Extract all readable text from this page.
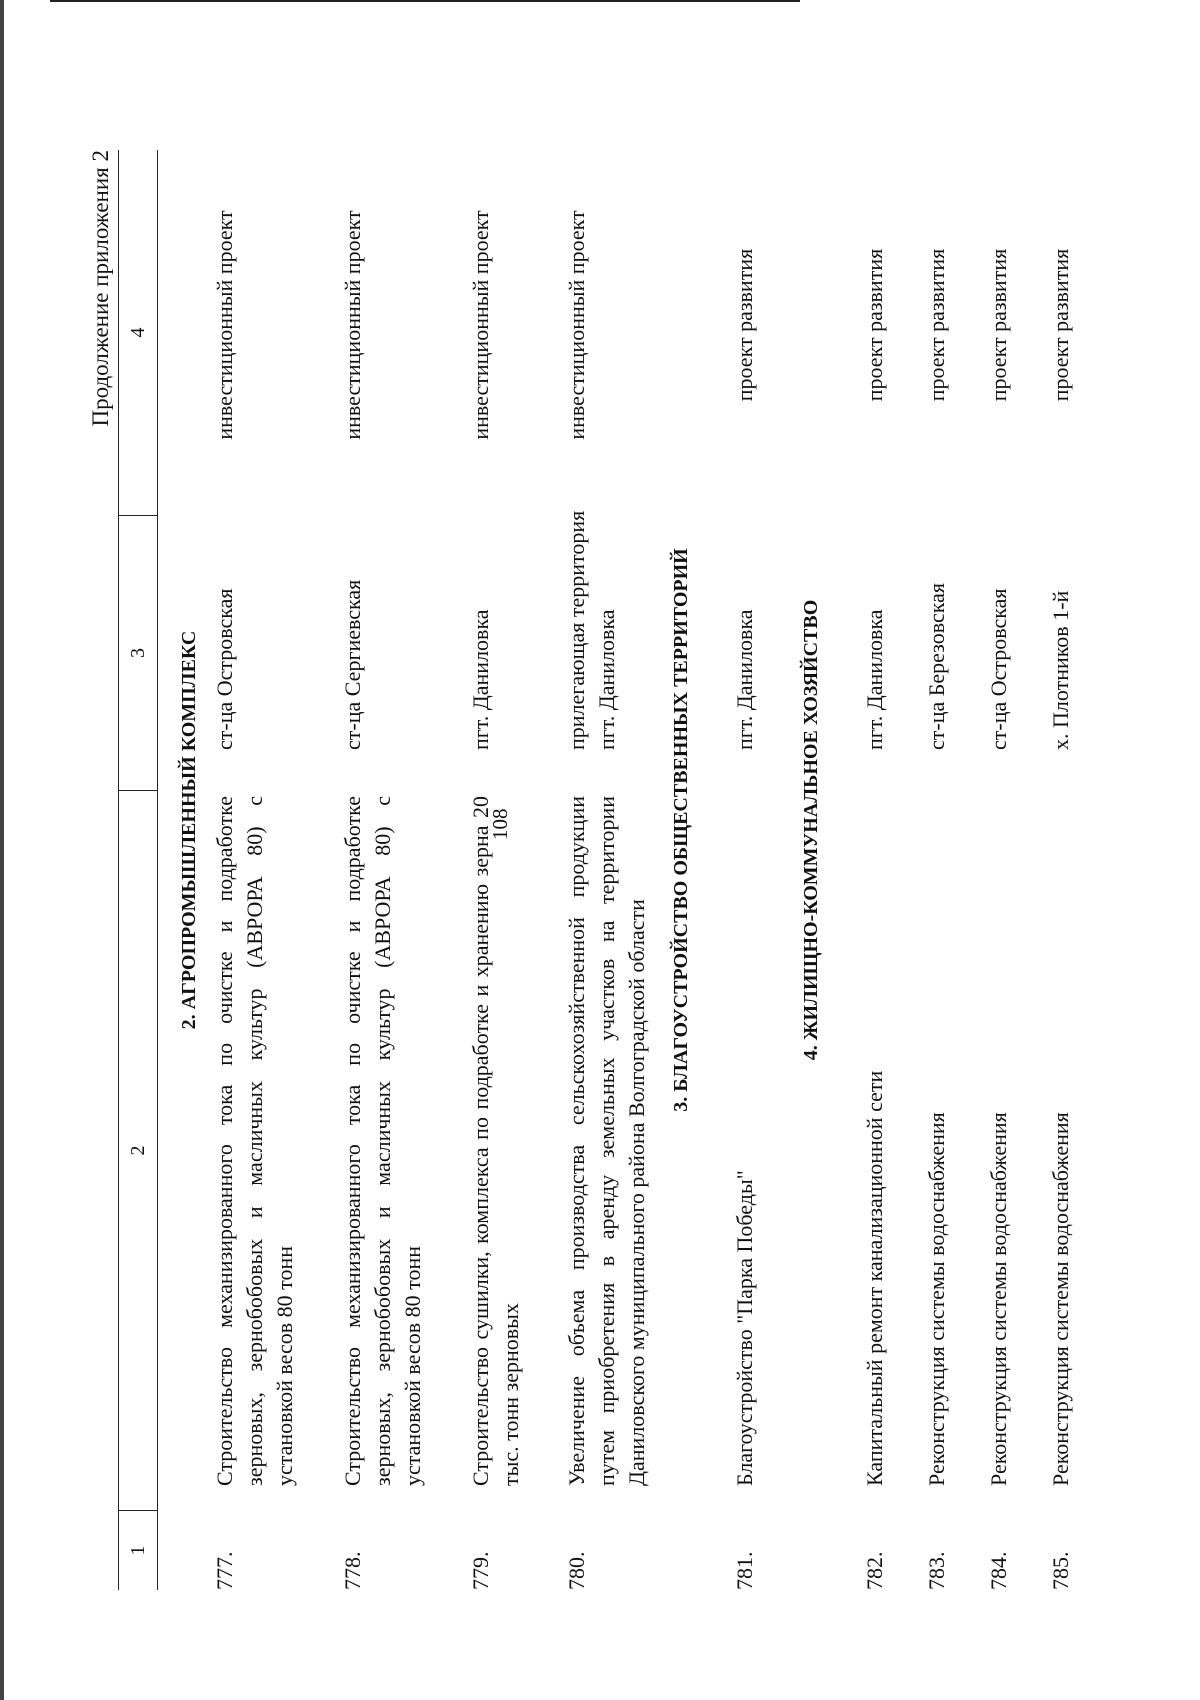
108
Продолжение приложения 2
1
2
3
4
2. АГРОПРОМЫШЛЕННЫЙ КОМПЛЕКС
777.
Строительство механизированного тока по очистке и подработке зерновых, зернобобовых и масличных культур (АВРОРА 80) с установкой весов 80 тонн
ст-ца Островская
инвестиционный проект
778.
Строительство механизированного тока по очистке и подработке зерновых, зернобобовых и масличных культур (АВРОРА 80) с установкой весов 80 тонн
ст-ца Сергиевская
инвестиционный проект
779.
Строительство сушилки, комплекса по подработке и хранению зерна 20 тыс. тонн зерновых
пгт. Даниловка
инвестиционный проект
780.
Увеличение объема производства сельскохозяйственной продукции путем приобретения в аренду земельных участков на территории Даниловского муниципального района Волгоградской области
прилегающая территория пгт. Даниловка
инвестиционный проект
3. БЛАГОУСТРОЙСТВО ОБЩЕСТВЕННЫХ ТЕРРИТОРИЙ
781.
Благоустройство "Парка Победы"
пгт. Даниловка
проект развития
4. ЖИЛИЩНО-КОММУНАЛЬНОЕ ХОЗЯЙСТВО
782.
Капитальный ремонт канализационной сети
пгт. Даниловка
проект развития
783.
Реконструкция системы водоснабжения
ст-ца Березовская
проект развития
784.
Реконструкция системы водоснабжения
ст-ца Островская
проект развития
785.
Реконструкция системы водоснабжения
х. Плотников 1-й
проект развития
